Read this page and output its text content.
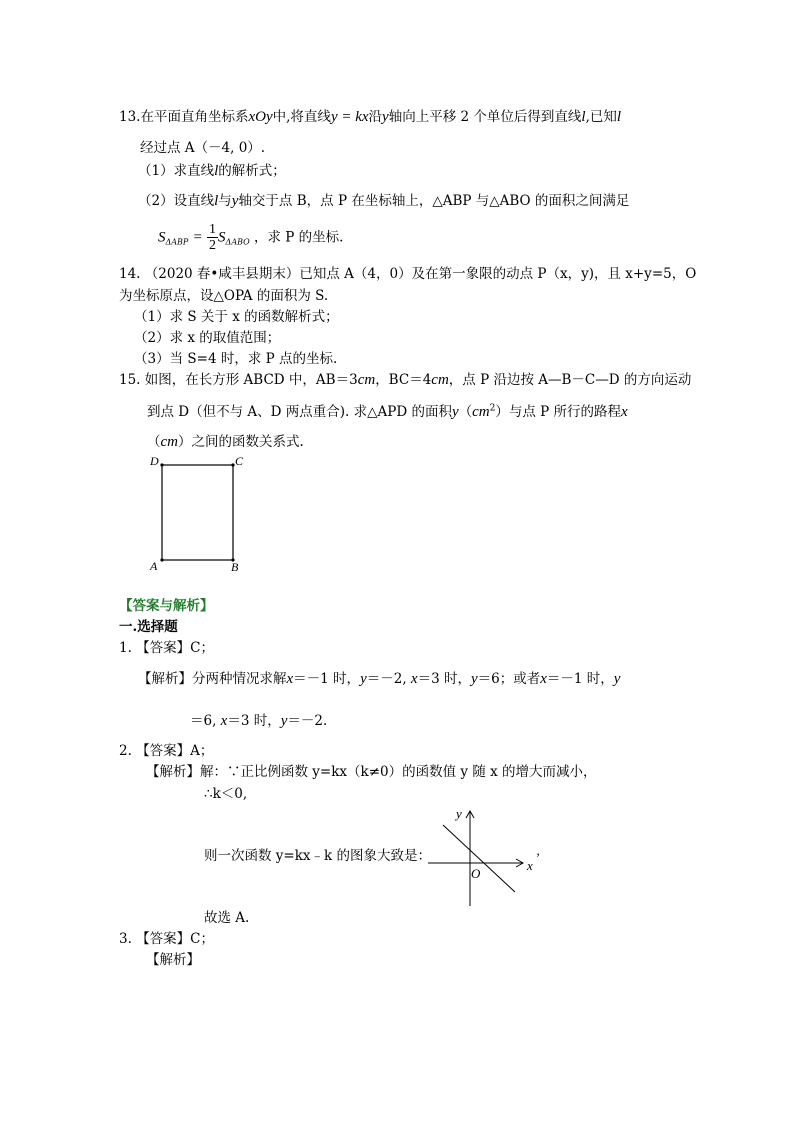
13.在平面直角坐标系xOy中,将直线y = kx沿y轴向上平移 2 个单位后得到直线l,已知l
经过点 A（－4, 0）.
（1）求直线l的解析式；
（2）设直线l与y轴交于点 B，点 P 在坐标轴上，△ABP 与△ABO 的面积之间满足
$S_{\Delta ABP} = \frac{1}{2} S_{\Delta ABO}$ ，求 P 的坐标.
14. （2020 春•咸丰县期末）已知点 A（4，0）及在第一象限的动点 P（x，y)，且 x+y=5，O
为坐标原点，设△OPA 的面积为 S.
（1）求 S 关于 x 的函数解析式；
（2）求 x 的取值范围；
（3）当 S=4 时，求 P 点的坐标.
15. 如图，在长方形 ABCD 中，AB＝3cm，BC＝4cm，点 P 沿边按 A—B－C—D 的方向运动
到点 D（但不与 A、D 两点重合). 求△APD 的面积$y(cm^2)$与点 P 所行的路程x
（cm）之间的函数关系式.
D	C
A	B
【答案与解析】
一.选择题
1. 【答案】C；
【解析】分两种情况求解x＝－1 时，y＝－2, x＝3 时，y＝6；或者x＝－1 时，y
＝6, x＝3 时，y＝－2.
2. 【答案】A；
【解析】解：∵正比例函数 y=kx（k≠0）的函数值 y 随 x 的增大而减小，
∴k＜0,
则一次函数 y=kx﹣k 的图象大致是：
y
x
’
O
故选 A.
3. 【答案】C；
【解析】
